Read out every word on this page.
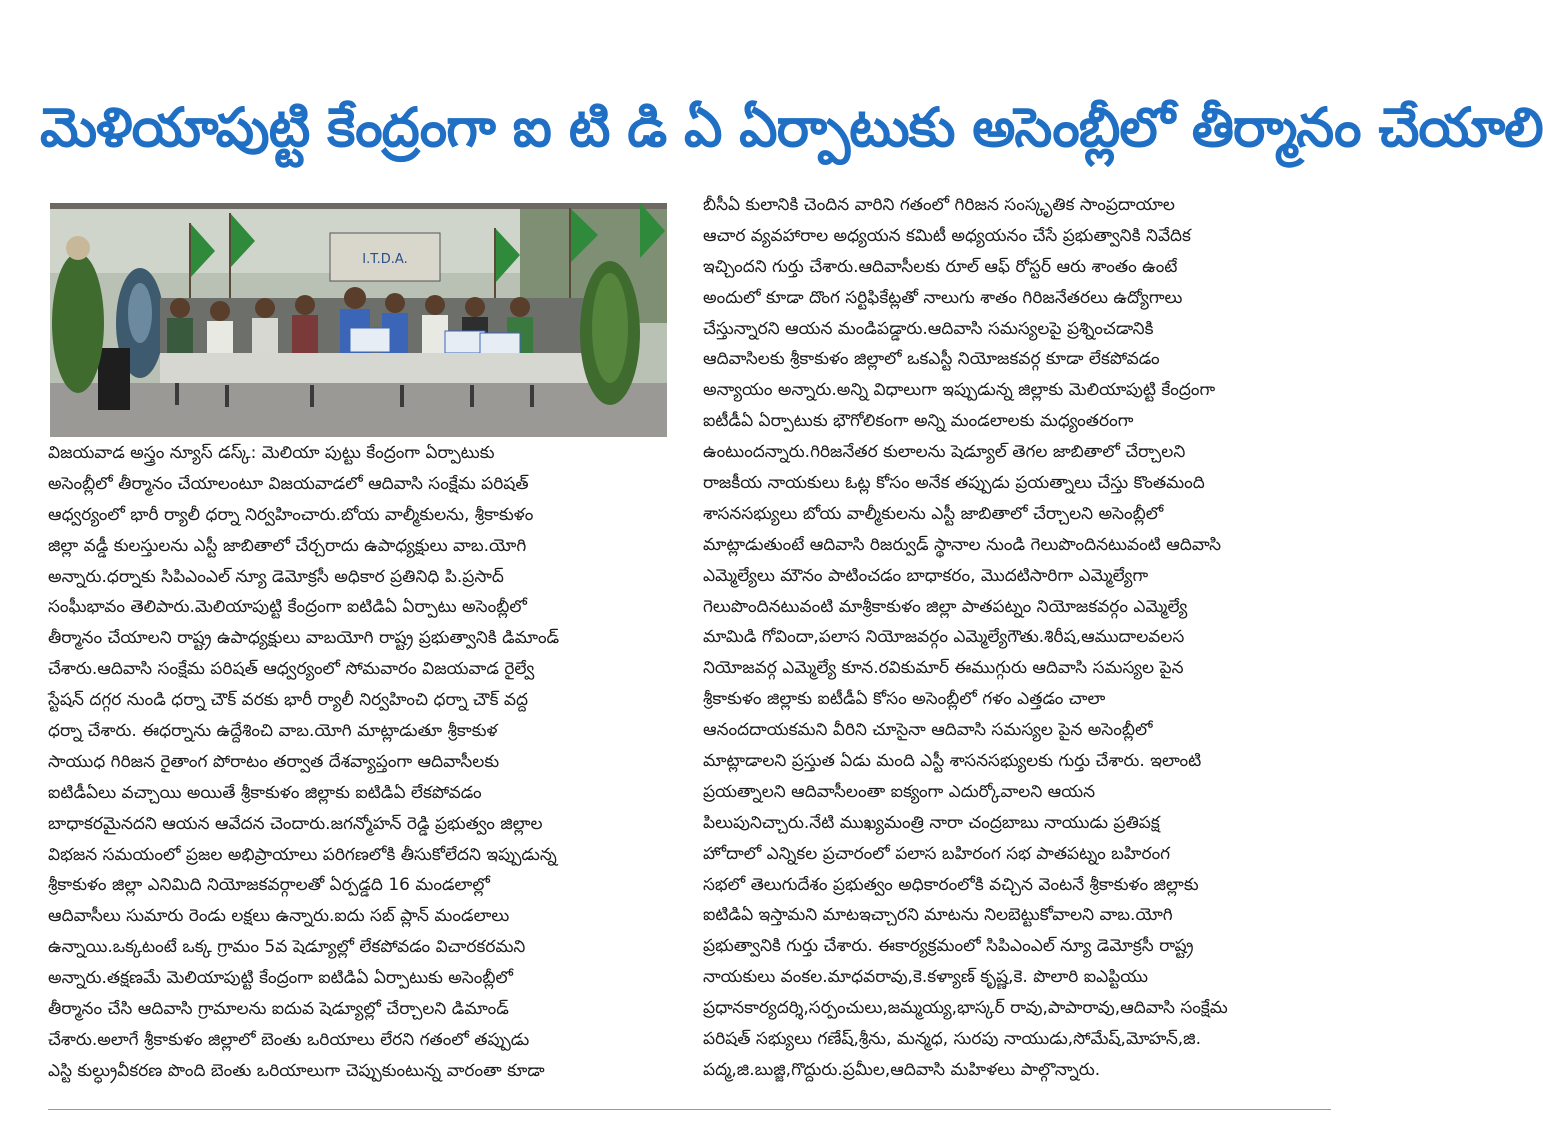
మెళియాపుట్టి కేంద్రంగా ఐ టి డి ఏ ఏర్పాటుకు అసెంబ్లీలో తీర్మానం చేయాలి
I.T.D.A.
విజయవాడ అస్త్రం న్యూస్ డస్క్: మెలియా పుట్టు కేంద్రంగా ఏర్పాటుకు
అసెంబ్లీలో తీర్మానం చేయాలంటూ విజయవాడలో ఆదివాసి సంక్షేమ పరిషత్
ఆధ్వర్యంలో భారీ ర్యాలీ ధర్నా నిర్వహించారు.బోయ వాల్మీకులను, శ్రీకాకుళం
జిల్లా వడ్డీ కులస్తులను ఎస్టీ జాబితాలో చేర్చరాదు ఉపాధ్యక్షులు వాబ.యోగి
అన్నారు.ధర్నాకు సిపిఎంఎల్ న్యూ డెమోక్రసీ అధికార ప్రతినిధి పి.ప్రసాద్
సంఘీభావం తెలిపారు.మెలియాపుట్టి కేంద్రంగా ఐటిడిఏ ఏర్పాటు అసెంబ్లీలో
తీర్మానం చేయాలని రాష్ట్ర ఉపాధ్యక్షులు వాబయోగి రాష్ట్ర ప్రభుత్వానికి డిమాండ్
చేశారు.ఆదివాసి సంక్షేమ పరిషత్ ఆధ్వర్యంలో సోమవారం విజయవాడ రైల్వే
స్టేషన్ దగ్గర నుండి ధర్నా చౌక్ వరకు భారీ ర్యాలీ నిర్వహించి ధర్నా చౌక్ వద్ద
ధర్నా చేశారు. ఈధర్నాను ఉద్దేశించి వాబ.యోగి మాట్లాడుతూ శ్రీకాకుళ
సాయుధ గిరిజన రైతాంగ పోరాటం తర్వాత దేశవ్యాప్తంగా ఆదివాసీలకు
ఐటిడీఏలు వచ్చాయి అయితే శ్రీకాకుళం జిల్లాకు ఐటిడిఏ లేకపోవడం
బాధాకరమైనదని ఆయన ఆవేదన చెందారు.జగన్మోహన్ రెడ్డి ప్రభుత్వం జిల్లాల
విభజన సమయంలో ప్రజల అభిప్రాయాలు పరిగణలోకి తీసుకోలేదని ఇప్పుడున్న
శ్రీకాకుళం జిల్లా ఎనిమిది నియోజకవర్గాలతో ఏర్పడ్డది 16 మండలాల్లో
ఆదివాసీలు సుమారు రెండు లక్షలు ఉన్నారు.ఐదు సబ్ ప్లాన్ మండలాలు
ఉన్నాయి.ఒక్కటంటే ఒక్క గ్రామం 5వ షెడ్యూల్లో లేకపోవడం విచారకరమని
అన్నారు.తక్షణమే మెలియాపుట్టి కేంద్రంగా ఐటిడిఏ ఏర్పాటుకు అసెంబ్లీలో
తీర్మానం చేసి ఆదివాసి గ్రామాలను ఐదువ షెడ్యూల్లో చేర్చాలని డిమాండ్
చేశారు.అలాగే శ్రీకాకుళం జిల్లాలో బెంతు ఒరియాలు లేరని గతంలో తప్పుడు
ఎస్టి కుల్ధ్రువీకరణ పొంది బెంతు ఒరియాలుగా చెప్పుకుంటున్న వారంతా కూడా
బీసీఏ కులానికి చెందిన వారిని గతంలో గిరిజన సంస్కృతిక సాంప్రదాయాల
ఆచార వ్యవహారాల అధ్యయన కమిటీ అధ్యయనం చేసే ప్రభుత్వానికి నివేదిక
ఇచ్చిందని గుర్తు చేశారు.ఆదివాసీలకు రూల్ ఆఫ్ రోస్టర్ ఆరు శాంతం ఉంటే
అందులో కూడా దొంగ సర్టిఫికేట్లతో నాలుగు శాతం గిరిజనేతరలు ఉద్యోగాలు
చేస్తున్నారని ఆయన మండిపడ్డారు.ఆదివాసి సమస్యలపై ప్రశ్నించడానికి
ఆదివాసిలకు శ్రీకాకుళం జిల్లాలో ఒకఎస్టీ నియోజకవర్గ కూడా లేకపోవడం
అన్యాయం అన్నారు.అన్ని విధాలుగా ఇప్పుడున్న జిల్లాకు మెలియాపుట్టి కేంద్రంగా
ఐటీడీఏ ఏర్పాటుకు భౌగోలికంగా అన్ని మండలాలకు మధ్యంతరంగా
ఉంటుందన్నారు.గిరిజనేతర కులాలను షెడ్యూల్ తెగల జాబితాలో చేర్చాలని
రాజకీయ నాయకులు ఓట్ల కోసం అనేక తప్పుడు ప్రయత్నాలు చేస్తు కొంతమంది
శాసనసభ్యులు బోయ వాల్మీకులను ఎస్టీ జాబితాలో చేర్చాలని అసెంబ్లీలో
మాట్లాడుతుంటే ఆదివాసి రిజర్వుడ్ స్థానాల నుండి గెలుపొందినటువంటి ఆదివాసి
ఎమ్మెల్యేలు మౌనం పాటించడం బాధాకరం, మొదటిసారిగా ఎమ్మెల్యేగా
గెలుపొందినటువంటి మాశ్రీకాకుళం జిల్లా పాతపట్నం నియోజకవర్గం ఎమ్మెల్యే
మామిడి గోవిందా,పలాస నియోజవర్గం ఎమ్మెల్యేగౌతు.శిరీష,ఆముదాలవలస
నియోజవర్గ ఎమ్మెల్యే కూన.రవికుమార్ ఈముగ్గురు ఆదివాసి సమస్యల పైన
శ్రీకాకుళం జిల్లాకు ఐటీడీఏ కోసం అసెంబ్లీలో గళం ఎత్తడం చాలా
ఆనందదాయకమని వీరిని చూసైనా ఆదివాసి సమస్యల పైన అసెంబ్లీలో
మాట్లాడాలని ప్రస్తుత ఏడు మంది ఎస్టీ శాసనసభ్యులకు గుర్తు చేశారు. ఇలాంటి
ప్రయత్నాలని ఆదివాసీలంతా ఐక్యంగా ఎదుర్కోవాలని ఆయన
పిలుపునిచ్చారు.నేటి ముఖ్యమంత్రి నారా చంద్రబాబు నాయుడు ప్రతిపక్ష
హోదాలో ఎన్నికల ప్రచారంలో పలాస బహిరంగ సభ పాతపట్నం బహిరంగ
సభలో తెలుగుదేశం ప్రభుత్వం అధికారంలోకి వచ్చిన వెంటనే శ్రీకాకుళం జిల్లాకు
ఐటిడిఏ ఇస్తామని మాటఇచ్చారని మాటను నిలబెట్టుకోవాలని వాబ.యోగి
ప్రభుత్వానికి గుర్తు చేశారు. ఈకార్యక్రమంలో సిపిఎంఎల్ న్యూ డెమోక్రసీ రాష్ట్ర
నాయకులు వంకల.మాధవరావు,కె.కళ్యాణ్ కృష్ణ,కె. పొలారి ఐఎప్టియు
ప్రధానకార్యదర్శి,సర్పంచులు,జమ్మయ్య,భాస్కర్ రావు,పాపారావు,ఆదివాసి సంక్షేమ
పరిషత్ సభ్యులు గణేష్,శ్రీను, మన్మధ, సురపు నాయుడు,సోమేష్,మోహన్,జి.
పద్మ,జి.బుజ్జి,గొద్దురు.ప్రమీల,ఆదివాసి మహిళలు పాల్గొన్నారు.
